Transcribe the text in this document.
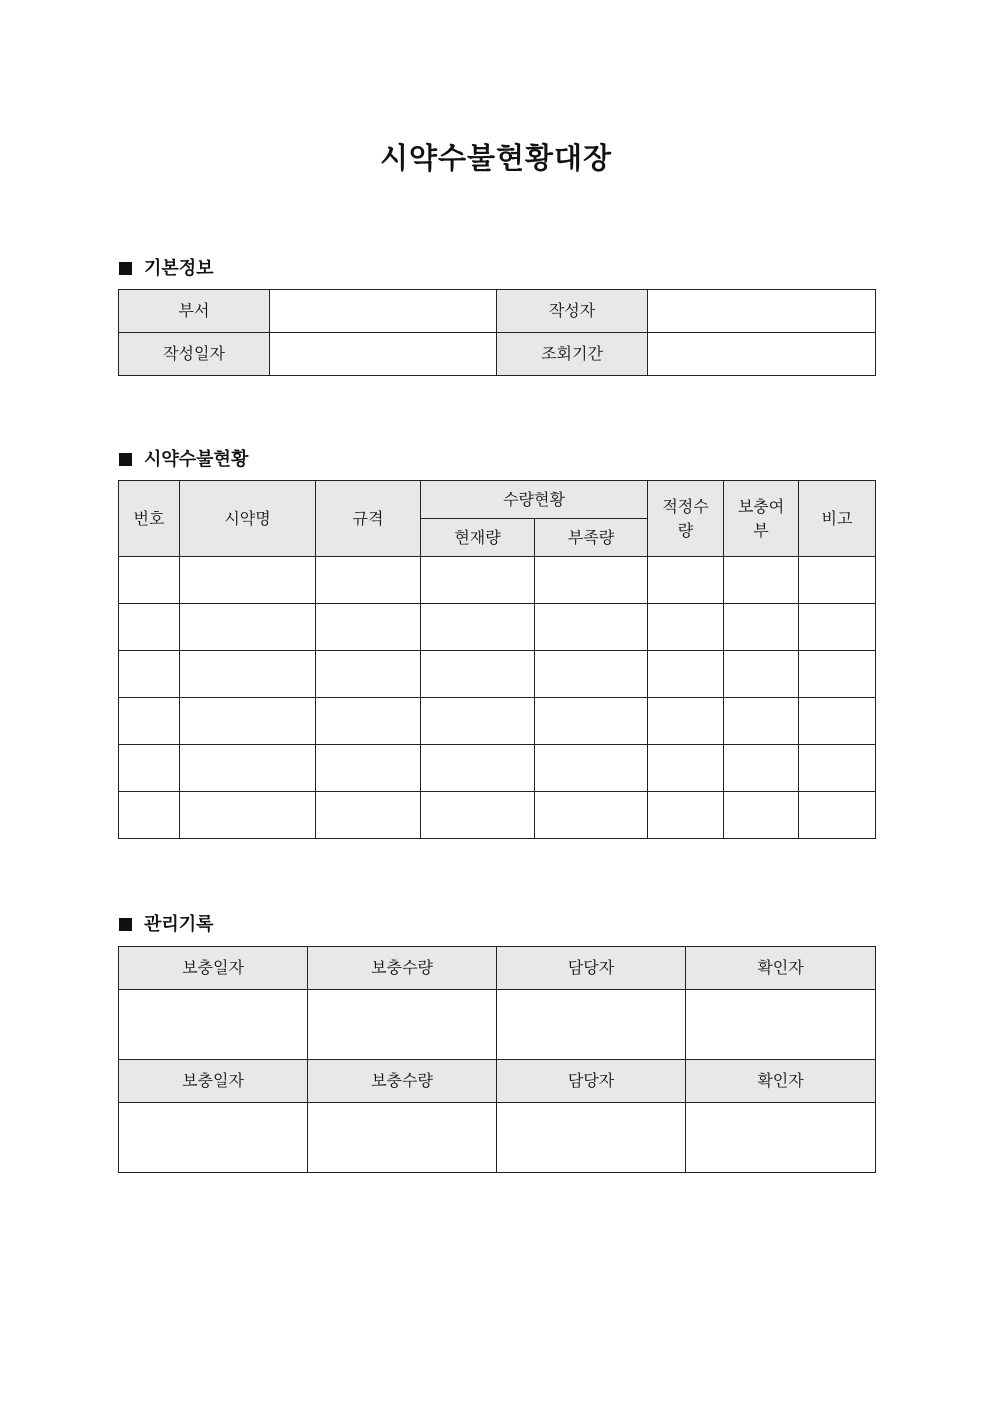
시약수불현황대장
기본정보
부서		작성자	
작성일자		조회기간	
시약수불현황
번호	시약명	규격	수량현황		적정수량	보충여부	비고
			현재량	부족량			

관리기록
보충일자	보충수량	담당자	확인자

보충일자	보충수량	담당자	확인자
